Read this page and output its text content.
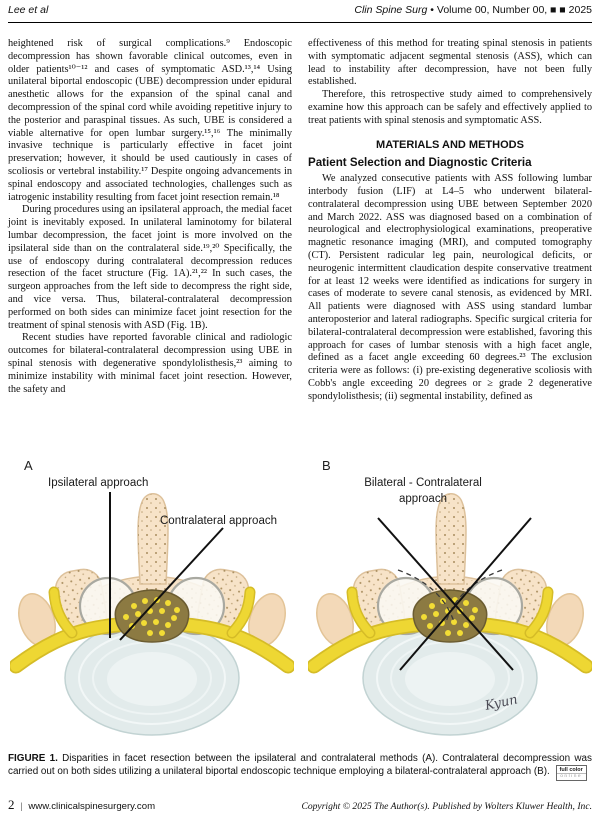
Lee et al	Clin Spine Surg • Volume 00, Number 00, ■ ■ 2025

heightened risk of surgical complications.⁹ Endoscopic decompression has shown favorable clinical outcomes, even in older patients¹⁰⁻¹² and cases of symptomatic ASD.¹³,¹⁴ Using unilateral biportal endoscopic (UBE) decompression under epidural anesthetic allows for the expansion of the spinal canal and decompression of the spinal cord while avoiding repetitive injury to the posterior and paraspinal tissues. As such, UBE is considered a viable alternative for open lumbar surgery.¹⁵,¹⁶ The minimally invasive technique is particularly effective in facet joint preservation; however, it should be used cautiously in cases of scoliosis or vertebral instability.¹⁷ Despite ongoing advancements in spinal endoscopy and associated technologies, challenges such as iatrogenic instability resulting from facet joint resection remain.¹⁸

During procedures using an ipsilateral approach, the medial facet joint is inevitably exposed. In unilateral laminotomy for bilateral lumbar decompression, the facet joint is more involved on the ipsilateral side than on the contralateral side.¹⁹,²⁰ Specifically, the use of endoscopy during contralateral decompression reduces resection of the facet structure (Fig. 1A).²¹,²² In such cases, the surgeon approaches from the left side to decompress the right side, and vice versa. Thus, bilateral-contralateral decompression performed on both sides can minimize facet joint resection for the treatment of spinal stenosis with ASD (Fig. 1B).

Recent studies have reported favorable clinical and radiologic outcomes for bilateral-contralateral decompression using UBE in spinal stenosis with degenerative spondylolisthesis,²³ aiming to minimize instability with minimal facet joint resection. However, the safety and

effectiveness of this method for treating spinal stenosis in patients with symptomatic adjacent segmental stenosis (ASS), which can lead to instability after decompression, have not been fully established.

Therefore, this retrospective study aimed to comprehensively examine how this approach can be safely and effectively applied to treat patients with spinal stenosis and symptomatic ASS.

MATERIALS AND METHODS
Patient Selection and Diagnostic Criteria

We analyzed consecutive patients with ASS following lumbar interbody fusion (LIF) at L4–5 who underwent bilateral-contralateral decompression using UBE between September 2020 and March 2022. ASS was diagnosed based on a combination of neurological and electrophysiological examinations, preoperative magnetic resonance imaging (MRI), and computed tomography (CT). Persistent radicular leg pain, neurological deficits, or neurogenic intermittent claudication despite conservative treatment for at least 12 weeks were identified as indications for surgery in cases of moderate to severe canal stenosis, as evidenced by MRI. All patients were diagnosed with ASS using standard lumbar anteroposterior and lateral radiographs. Specific surgical criteria for bilateral-contralateral decompression were established, favoring this approach for cases of lumbar stenosis with a high facet angle, defined as a facet angle exceeding 60 degrees.²³ The exclusion criteria were as follows: (i) pre-existing degenerative scoliosis with Cobb's angle exceeding 20 degrees or ≥ grade 2 degenerative spondylolisthesis; (ii) segmental instability, defined as

A
Ipsilateral approach
Contralateral approach
B
Bilateral - Contralateral
approach
Kyun
FIGURE 1. Disparities in facet resection between the ipsilateral and contralateral methods (A). Contralateral decompression was carried out on both sides utilizing a unilateral biportal endoscopic technique employing a bilateral-contralateral approach (B).	full color
online
2 | www.clinicalspinesurgery.com	Copyright © 2025 The Author(s). Published by Wolters Kluwer Health, Inc.
